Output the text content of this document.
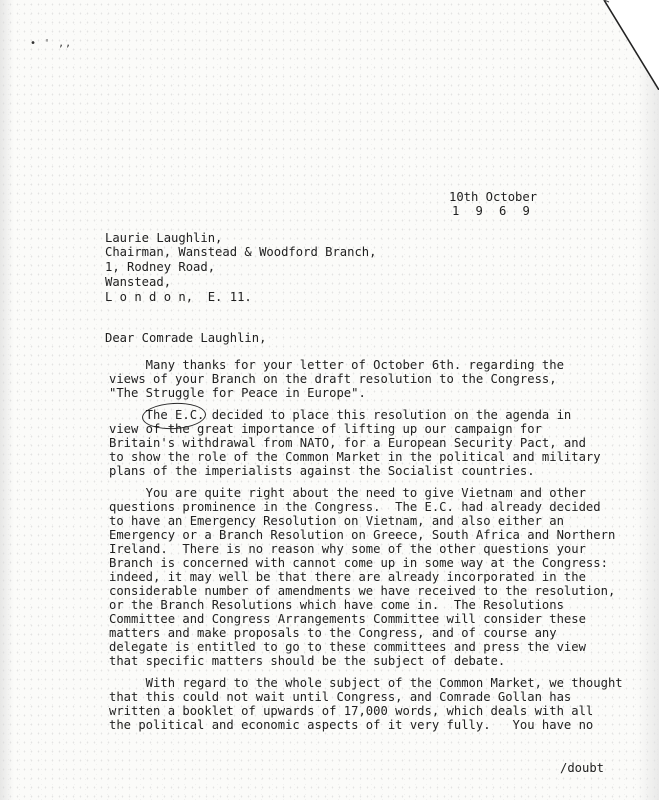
• ' ,,
10th October
1  9  6  9
Laurie Laughlin,
Chairman, Wanstead & Woodford Branch,
1, Rodney Road,
Wanstead,
L o n d o n,  E. 11.
Dear Comrade Laughlin,
Many thanks for your letter of October 6th. regarding the
views of your Branch on the draft resolution to the Congress,
"The Struggle for Peace in Europe".
The E.C. decided to place this resolution on the agenda in
view of the great importance of lifting up our campaign for
Britain's withdrawal from NATO, for a European Security Pact, and
to show the role of the Common Market in the political and military
plans of the imperialists against the Socialist countries.
You are quite right about the need to give Vietnam and other
questions prominence in the Congress.  The E.C. had already decided
to have an Emergency Resolution on Vietnam, and also either an
Emergency or a Branch Resolution on Greece, South Africa and Northern
Ireland.  There is no reason why some of the other questions your
Branch is concerned with cannot come up in some way at the Congress:
indeed, it may well be that there are already incorporated in the
considerable number of amendments we have received to the resolution,
or the Branch Resolutions which have come in.  The Resolutions
Committee and Congress Arrangements Committee will consider these
matters and make proposals to the Congress, and of course any
delegate is entitled to go to these committees and press the view
that specific matters should be the subject of debate.
With regard to the whole subject of the Common Market, we thought
that this could not wait until Congress, and Comrade Gollan has
written a booklet of upwards of 17,000 words, which deals with all
the political and economic aspects of it very fully.   You have no
/doubt
